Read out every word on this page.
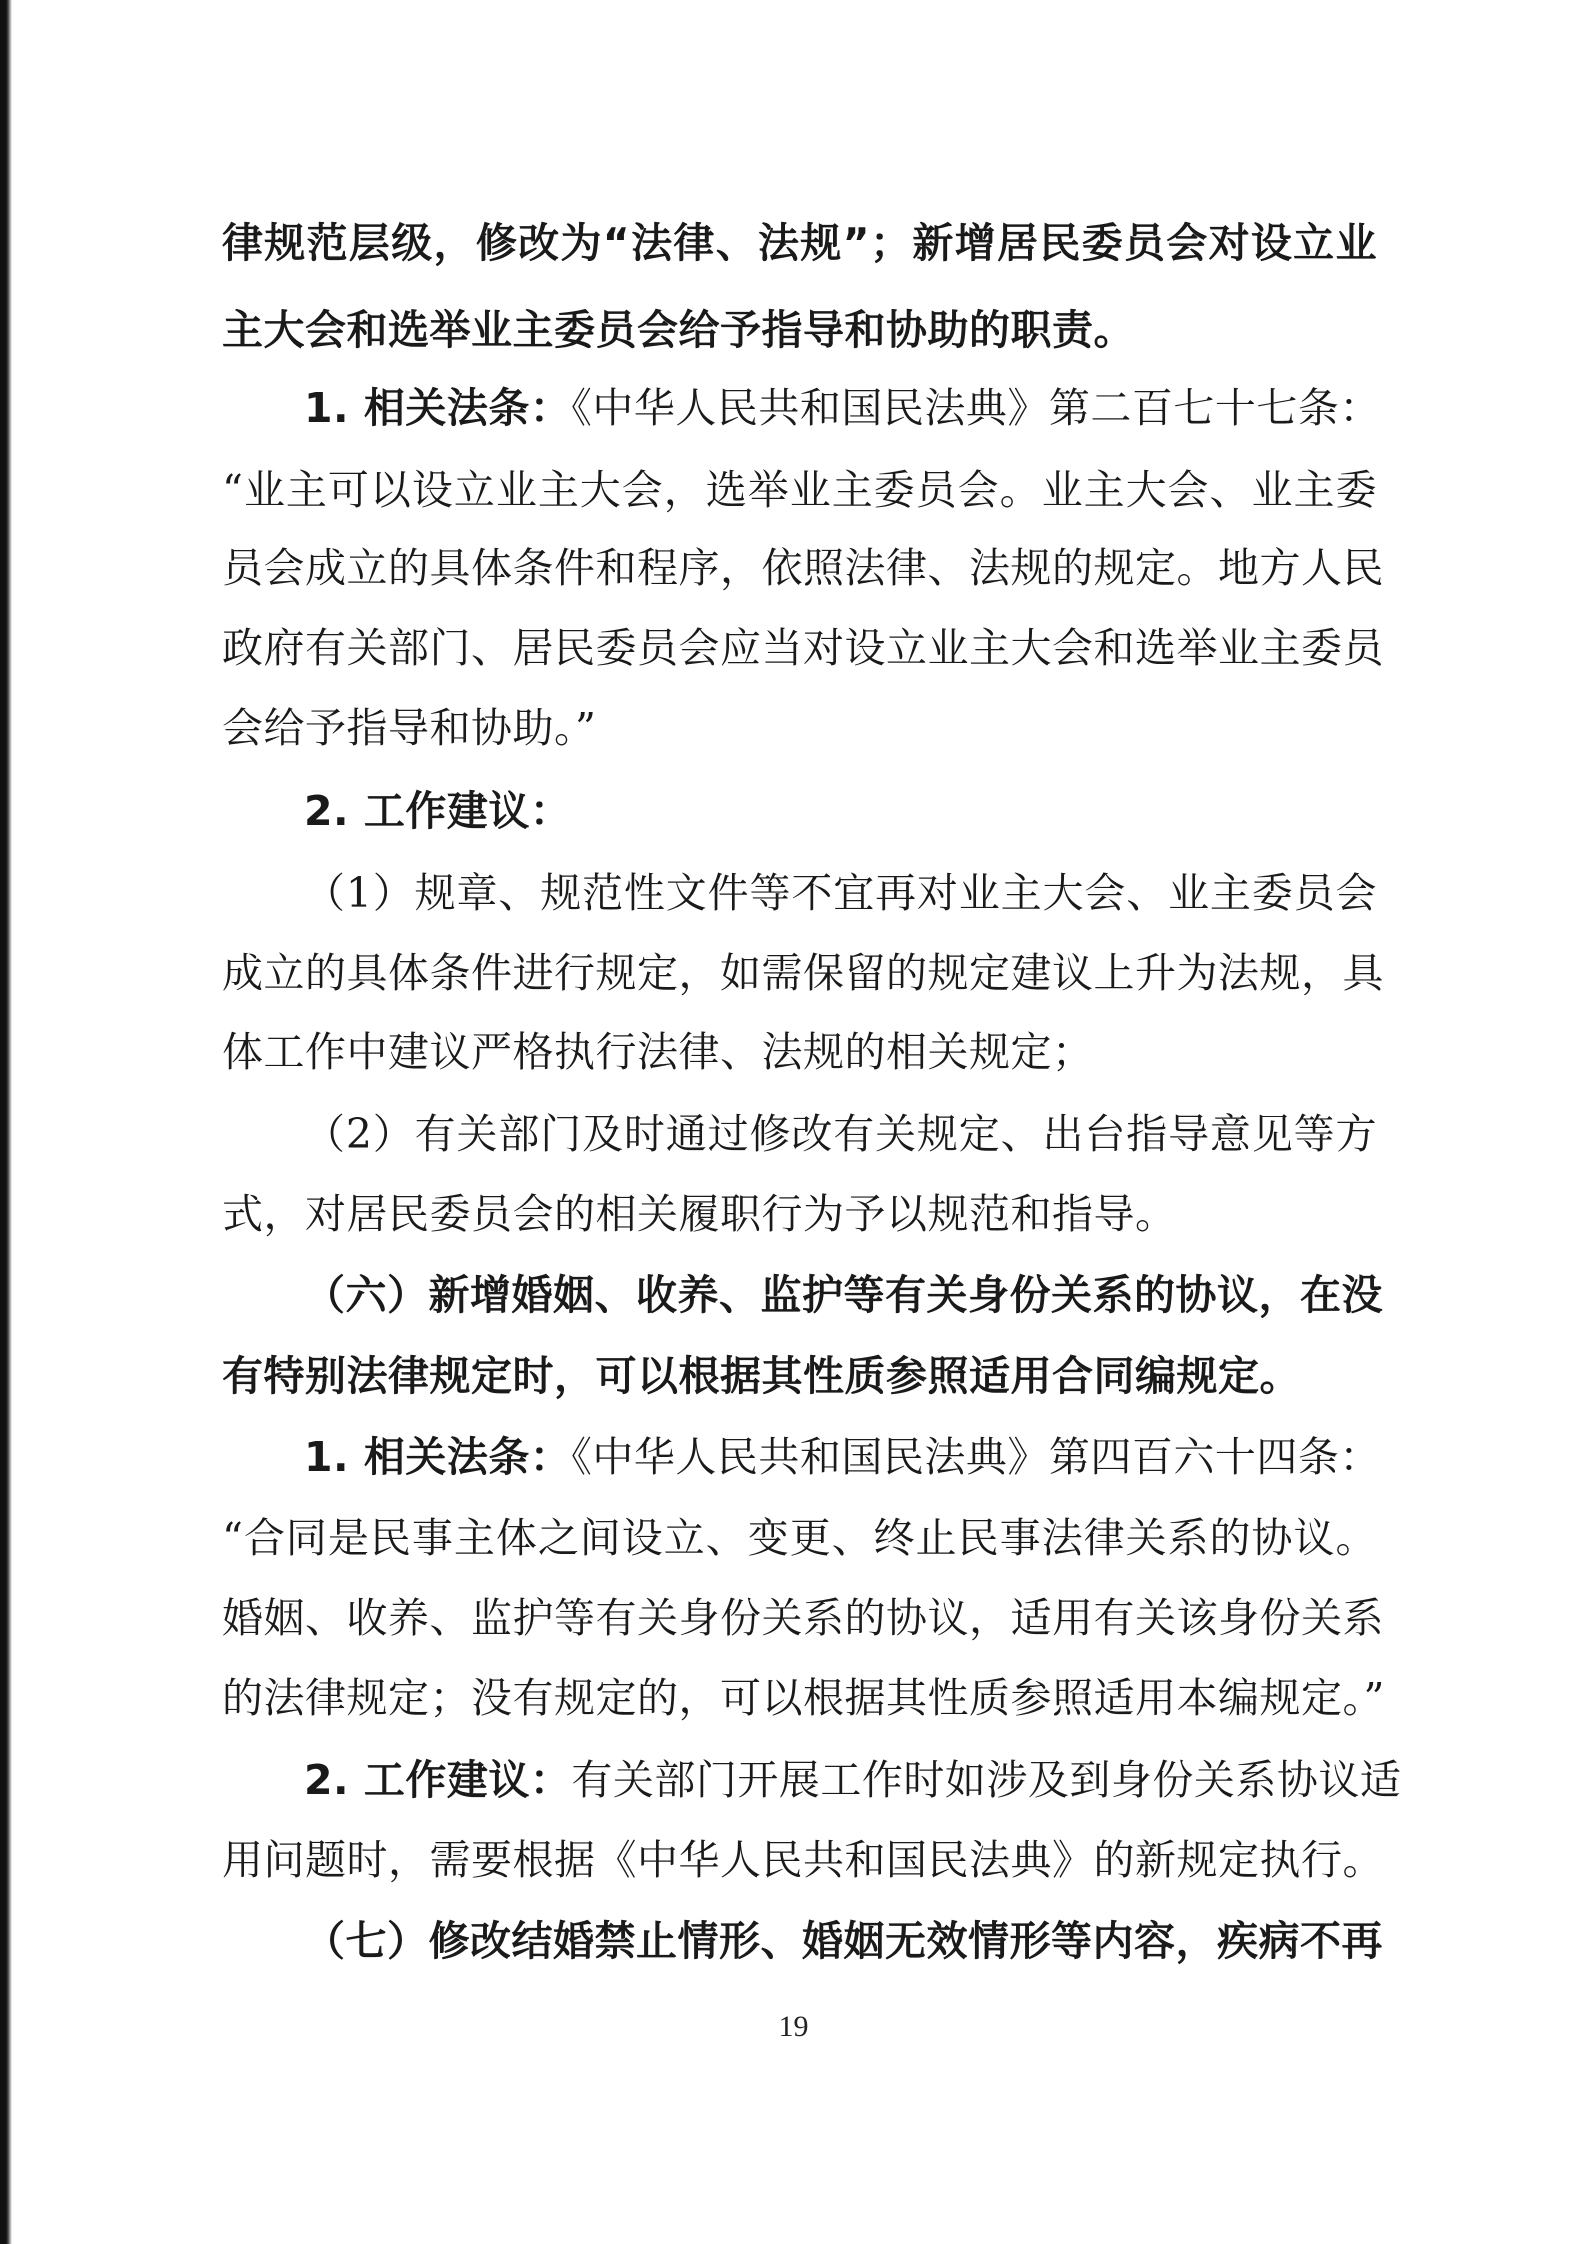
律规范层级，修改为“法律、法规”；新增居民委员会对设立业
主大会和选举业主委员会给予指导和协助的职责。
1. 相关法条：《中华人民共和国民法典》第二百七十七条：
“业主可以设立业主大会，选举业主委员会。业主大会、业主委
员会成立的具体条件和程序，依照法律、法规的规定。地方人民
政府有关部门、居民委员会应当对设立业主大会和选举业主委员
会给予指导和协助。”
2. 工作建议：
（1）规章、规范性文件等不宜再对业主大会、业主委员会
成立的具体条件进行规定，如需保留的规定建议上升为法规，具
体工作中建议严格执行法律、法规的相关规定；
（2）有关部门及时通过修改有关规定、出台指导意见等方
式，对居民委员会的相关履职行为予以规范和指导。
（六）新增婚姻、收养、监护等有关身份关系的协议，在没
有特别法律规定时，可以根据其性质参照适用合同编规定。
1. 相关法条：《中华人民共和国民法典》第四百六十四条：
“合同是民事主体之间设立、变更、终止民事法律关系的协议。
婚姻、收养、监护等有关身份关系的协议，适用有关该身份关系
的法律规定；没有规定的，可以根据其性质参照适用本编规定。”
2. 工作建议：有关部门开展工作时如涉及到身份关系协议适
用问题时，需要根据《中华人民共和国民法典》的新规定执行。
（七）修改结婚禁止情形、婚姻无效情形等内容，疾病不再
19
